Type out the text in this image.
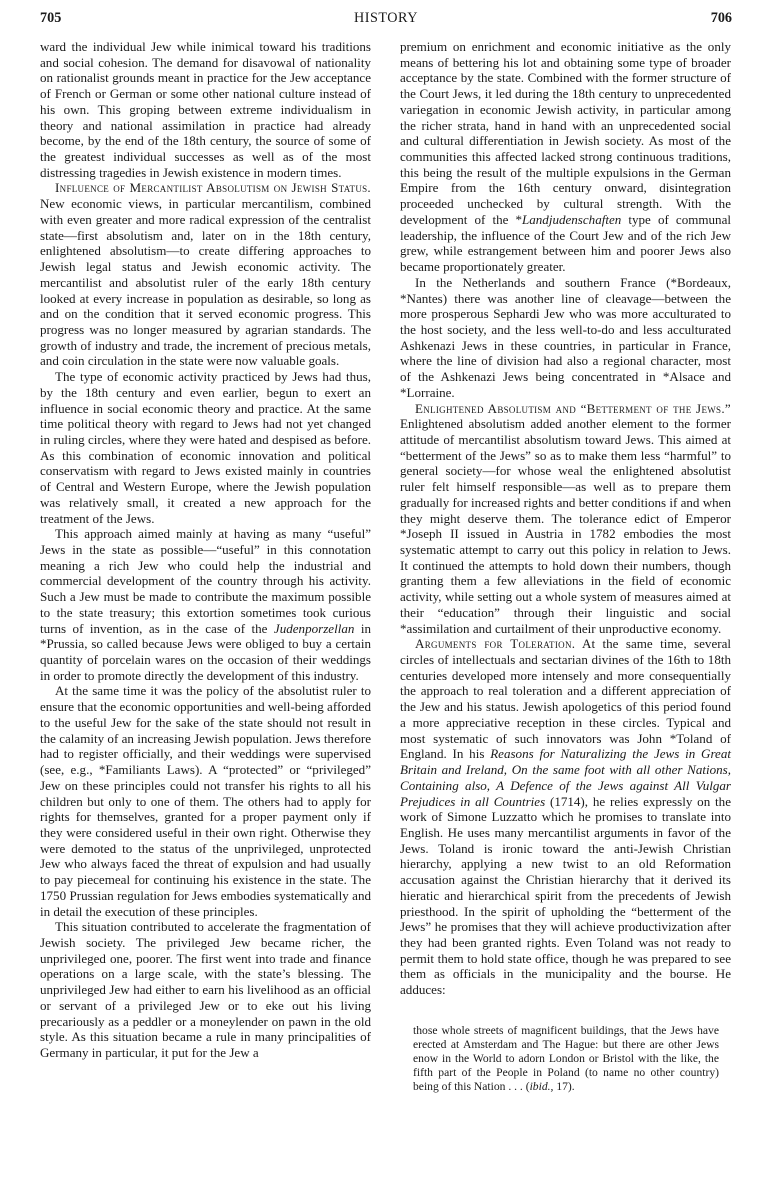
705	HISTORY	706

ward the individual Jew while inimical toward his traditions and social cohesion. The demand for disavowal of nationality on rationalist grounds meant in practice for the Jew acceptance of French or German or some other national culture instead of his own. This groping between extreme individualism in theory and national assimilation in practice had already become, by the end of the 18th century, the source of some of the greatest individual successes as well as of the most distressing tragedies in Jewish existence in modern times.

Influence of Mercantilist Absolutism on Jewish Status. New economic views, in particular mercantilism, combined with even greater and more radical expression of the centralist state—first absolutism and, later on in the 18th century, enlightened absolutism—to create differing approaches to Jewish legal status and Jewish economic activity. The mercantilist and absolutist ruler of the early 18th century looked at every increase in population as desirable, so long as and on the condition that it served economic progress. This progress was no longer measured by agrarian standards. The growth of industry and trade, the increment of precious metals, and coin circulation in the state were now valuable goals.

The type of economic activity practiced by Jews had thus, by the 18th century and even earlier, begun to exert an influence in social economic theory and practice. At the same time political theory with regard to Jews had not yet changed in ruling circles, where they were hated and despised as before. As this combination of economic innovation and political conservatism with regard to Jews existed mainly in countries of Central and Western Europe, where the Jewish population was relatively small, it created a new approach for the treatment of the Jews.

This approach aimed mainly at having as many “useful” Jews in the state as possible—“useful” in this connotation meaning a rich Jew who could help the industrial and commercial development of the country through his activity. Such a Jew must be made to contribute the maximum possible to the state treasury; this extortion sometimes took curious turns of invention, as in the case of the Judenporzellan in *Prussia, so called because Jews were obliged to buy a certain quantity of porcelain wares on the occasion of their weddings in order to promote directly the development of this industry.

At the same time it was the policy of the absolutist ruler to ensure that the economic opportunities and well-being afforded to the useful Jew for the sake of the state should not result in the calamity of an increasing Jewish population. Jews therefore had to register officially, and their weddings were supervised (see, e.g., *Familiants Laws). A “protected” or “privileged” Jew on these principles could not transfer his rights to all his children but only to one of them. The others had to apply for rights for themselves, granted for a proper payment only if they were considered useful in their own right. Otherwise they were demoted to the status of the unprivileged, unprotected Jew who always faced the threat of expulsion and had usually to pay piecemeal for continuing his existence in the state. The 1750 Prussian regulation for Jews embodies systematically and in detail the execution of these principles.

This situation contributed to accelerate the fragmentation of Jewish society. The privileged Jew became richer, the unprivileged one, poorer. The first went into trade and finance operations on a large scale, with the state’s blessing. The unprivileged Jew had either to earn his livelihood as an official or servant of a privileged Jew or to eke out his living precariously as a peddler or a moneylender on pawn in the old style. As this situation became a rule in many principalities of Germany in particular, it put for the Jew a

premium on enrichment and economic initiative as the only means of bettering his lot and obtaining some type of broader acceptance by the state. Combined with the former structure of the Court Jews, it led during the 18th century to unprecedented variegation in economic Jewish activity, in particular among the richer strata, hand in hand with an unprecedented social and cultural differentiation in Jewish society. As most of the communities this affected lacked strong continuous traditions, this being the result of the multiple expulsions in the German Empire from the 16th century onward, disintegration proceeded unchecked by cultural strength. With the development of the *Landjudenschaften type of communal leadership, the influence of the Court Jew and of the rich Jew grew, while estrangement between him and poorer Jews also became proportionately greater.

In the Netherlands and southern France (*Bordeaux, *Nantes) there was another line of cleavage—between the more prosperous Sephardi Jew who was more acculturated to the host society, and the less well-to-do and less acculturated Ashkenazi Jews in these countries, in particular in France, where the line of division had also a regional character, most of the Ashkenazi Jews being concentrated in *Alsace and *Lorraine.

Enlightened Absolutism and “Betterment of the Jews.” Enlightened absolutism added another element to the former attitude of mercantilist absolutism toward Jews. This aimed at “betterment of the Jews” so as to make them less “harmful” to general society—for whose weal the enlightened absolutist ruler felt himself responsible—as well as to prepare them gradually for increased rights and better conditions if and when they might deserve them. The tolerance edict of Emperor *Joseph II issued in Austria in 1782 embodies the most systematic attempt to carry out this policy in relation to Jews. It continued the attempts to hold down their numbers, though granting them a few alleviations in the field of economic activity, while setting out a whole system of measures aimed at their “education” through their linguistic and social *assimilation and curtailment of their unproductive economy.

Arguments for Toleration. At the same time, several circles of intellectuals and sectarian divines of the 16th to 18th centuries developed more intensely and more consequentially the approach to real toleration and a different appreciation of the Jew and his status. Jewish apologetics of this period found a more appreciative reception in these circles. Typical and most systematic of such innovators was John *Toland of England. In his Reasons for Naturalizing the Jews in Great Britain and Ireland, On the same foot with all other Nations, Containing also, A Defence of the Jews against All Vulgar Prejudices in all Countries (1714), he relies expressly on the work of Simone Luzzatto which he promises to translate into English. He uses many mercantilist arguments in favor of the Jews. Toland is ironic toward the anti-Jewish Christian hierarchy, applying a new twist to an old Reformation accusation against the Christian hierarchy that it derived its hieratic and hierarchical spirit from the precedents of Jewish priesthood. In the spirit of upholding the “betterment of the Jews” he promises that they will achieve productivization after they had been granted rights. Even Toland was not ready to permit them to hold state office, though he was prepared to see them as officials in the municipality and the bourse. He adduces:

those whole streets of magnificent buildings, that the Jews have erected at Amsterdam and The Hague: but there are other Jews enow in the World to adorn London or Bristol with the like, the fifth part of the People in Poland (to name no other country) being of this Nation . . . (ibid., 17).
